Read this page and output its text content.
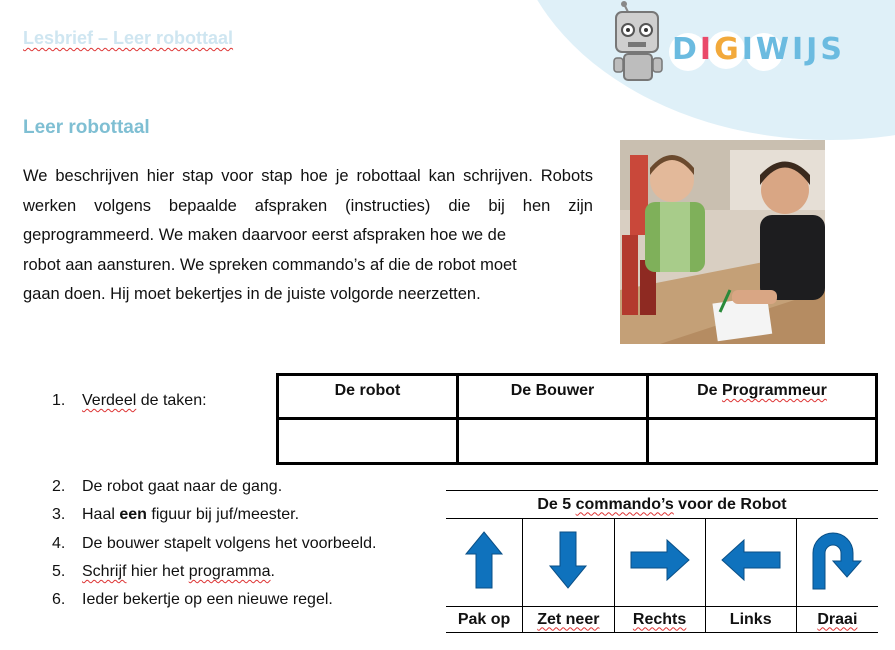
DIGIWIJS
Lesbrief – Leer robottaal
Leer robottaal
We beschrijven hier stap voor stap hoe je robottaal kan schrijven. Robots
werken volgens bepaalde afspraken (instructies) die bij hen zijn
geprogrammeerd. We maken daarvoor eerst afspraken hoe we de
robot aan aansturen. We spreken commando’s af die de robot moet
gaan doen. Hij moet bekertjes in de juiste volgorde neerzetten.
1. Verdeel de taken:
2. De robot gaat naar de gang.
3. Haal een figuur bij juf/meester.
4. De bouwer stapelt volgens het voorbeeld.
5. Schrijf hier het programma.
6. Ieder bekertje op een nieuwe regel.
De robot	De Bouwer	De Programmeur

De 5 commando’s voor de Robot				

Pak op	Zet neer	Rechts	Links	Draai
